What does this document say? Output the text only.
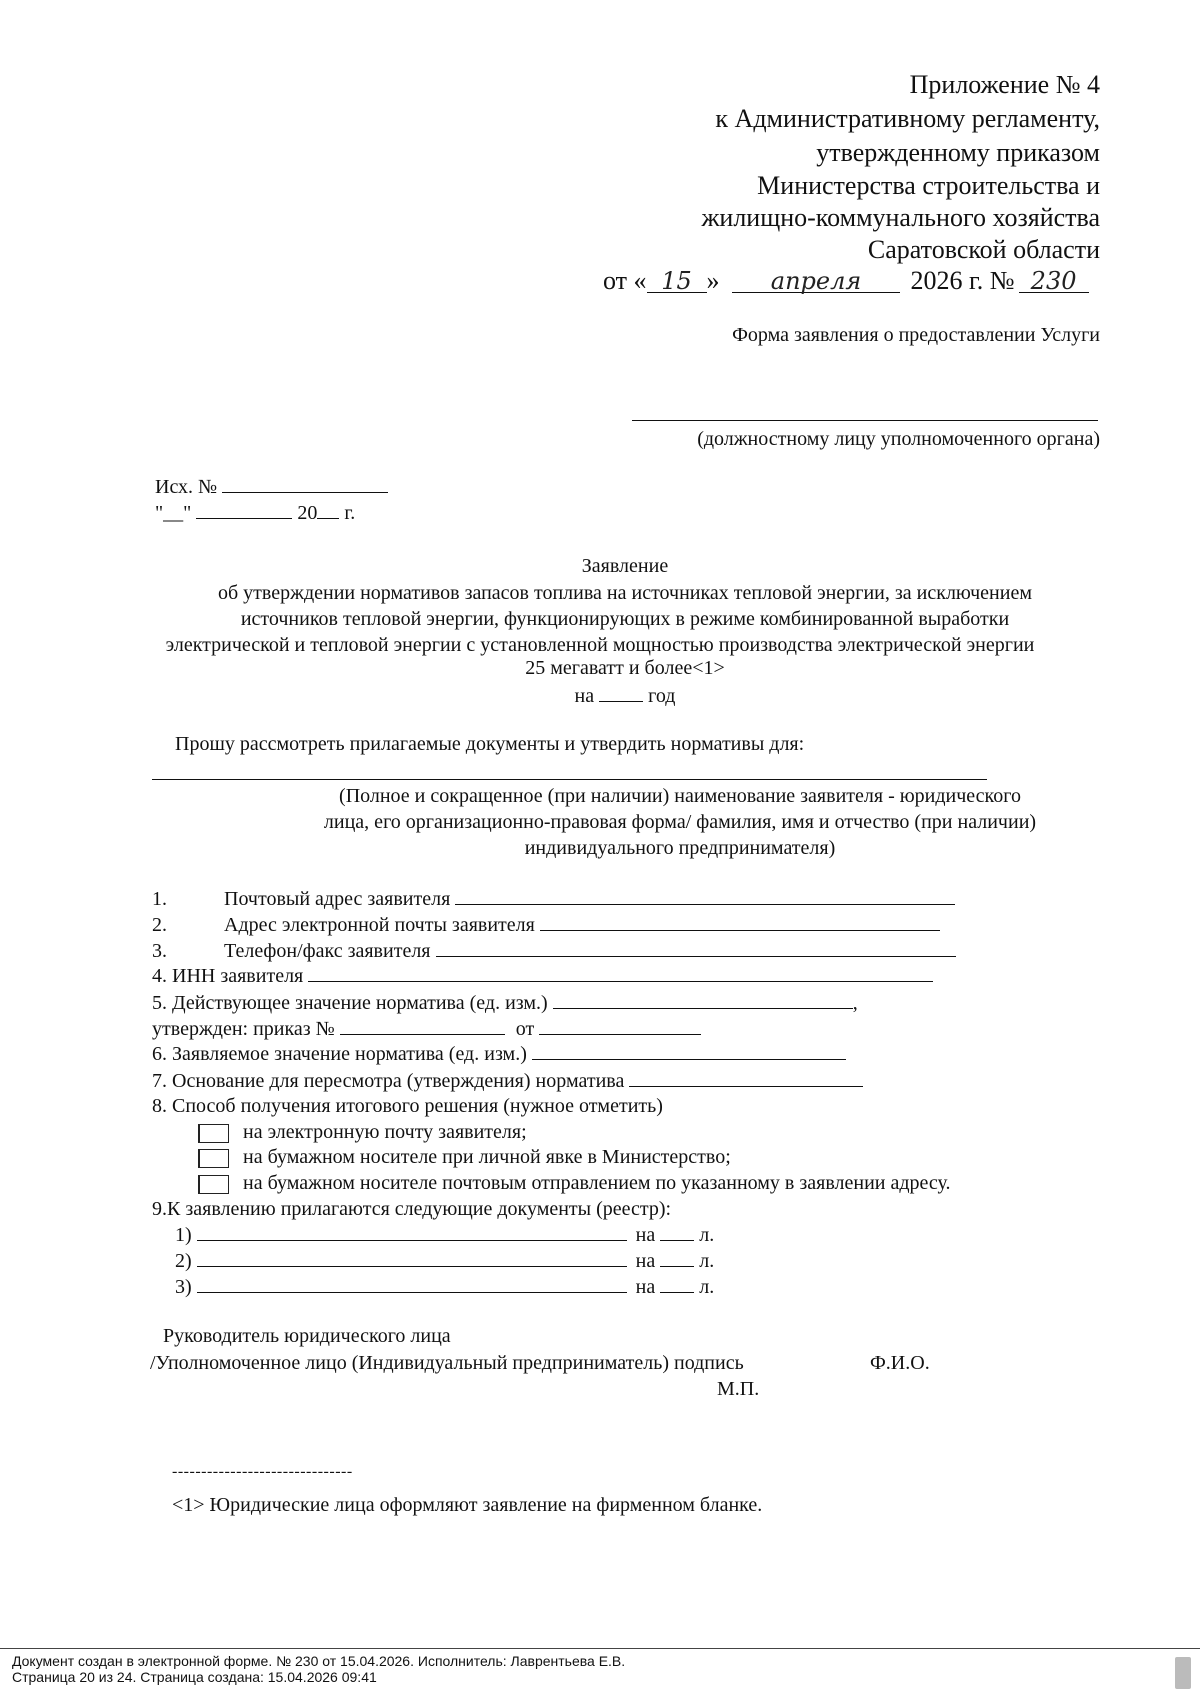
Приложение № 4
к Административному регламенту,
утвержденному приказом
Министерства строительства и
жилищно-коммунального хозяйства
Саратовской области
от « 15 » апреля 2026 г. № 230
Форма заявления о предоставлении Услуги
(должностному лицу уполномоченного органа)
Исх. №
"__"	20 г.
Заявление
об утверждении нормативов запасов топлива на источниках тепловой энергии, за исключением
источников тепловой энергии, функционирующих в режиме комбинированной выработки
электрической и тепловой энергии с установленной мощностью производства электрической энергии
25 мегаватт и более<1>
на	год
Прошу рассмотреть прилагаемые документы и утвердить нормативы для:
(Полное и сокращенное (при наличии) наименование заявителя - юридического
лица, его организационно-правовая форма/ фамилия, имя и отчество (при наличии)
индивидуального предпринимателя)
1.	Почтовый адрес заявителя
2.	Адрес электронной почты заявителя
3.	Телефон/факс заявителя
4. ИНН заявителя
5. Действующее значение норматива (ед. изм.)	,
утвержден: приказ №	от
6. Заявляемое значение норматива (ед. изм.)
7. Основание для пересмотра (утверждения) норматива
8. Способ получения итогового решения (нужное отметить)
на электронную почту заявителя;
на бумажном носителе при личной явке в Министерство;
на бумажном носителе почтовым отправлением по указанному в заявлении адресу.
9.К заявлению прилагаются следующие документы (реестр):
1)	на л.
2)	на л.
3)	на л.
Руководитель юридического лица
/Уполномоченное лицо (Индивидуальный предприниматель) подпись	Ф.И.О.
М.П.
-------------------------------
<1> Юридические лица оформляют заявление на фирменном бланке.
Документ создан в электронной форме. № 230 от 15.04.2026. Исполнитель: Лаврентьева Е.В.
Страница 20 из 24. Страница создана: 15.04.2026 09:41
